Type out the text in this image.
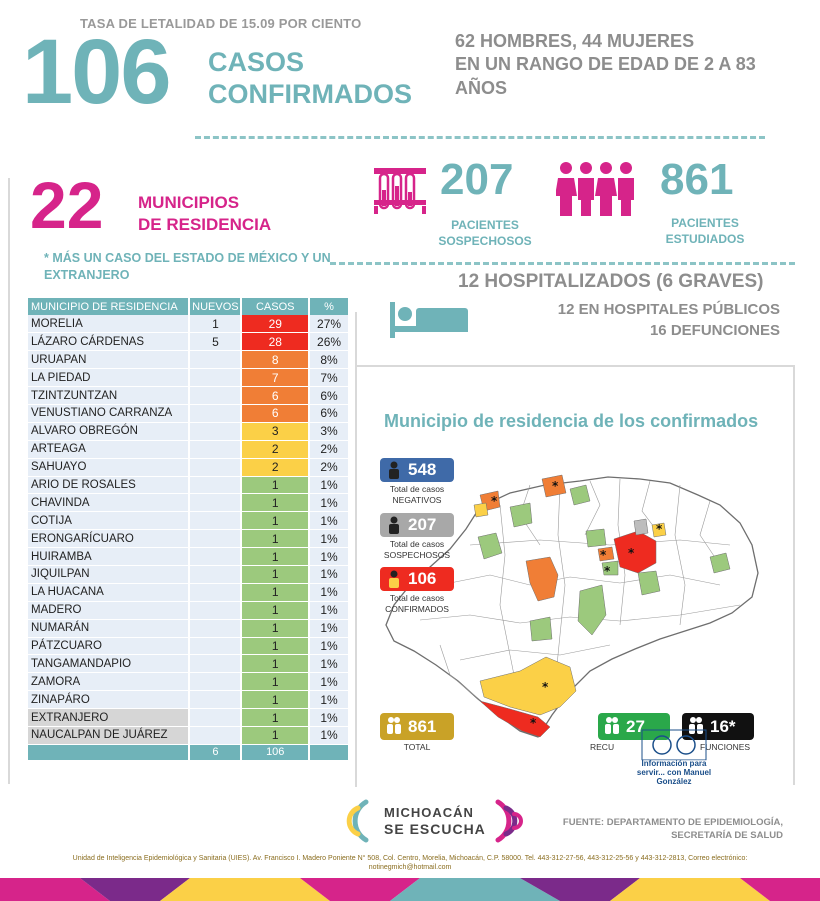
TASA DE LETALIDAD DE 15.09 POR CIENTO
106 CASOS
CONFIRMADOS
62 HOMBRES, 44 MUJERES
EN UN RANGO DE EDAD DE 2 A 83
AÑOS
22 MUNICIPIOS
DE RESIDENCIA
* MÁS UN CASO DEL ESTADO DE MÉXICO Y UN EXTRANJERO
207
PACIENTES
SOSPECHOSOS
861
PACIENTES
ESTUDIADOS
12 HOSPITALIZADOS (6 GRAVES)
12 EN HOSPITALES PÚBLICOS
16 DEFUNCIONES
MUNICIPIO DE RESIDENCIA	NUEVOS	CASOS	%
MORELIA	1	29	27%
LÁZARO CÁRDENAS	5	28	26%
URUAPAN		8	8%
LA PIEDAD		7	7%
TZINTZUNTZAN		6	6%
VENUSTIANO CARRANZA		6	6%
ALVARO OBREGÓN		3	3%
ARTEAGA		2	2%
SAHUAYO		2	2%
ARIO DE ROSALES		1	1%
CHAVINDA		1	1%
COTIJA		1	1%
ERONGARÍCUARO		1	1%
HUIRAMBA		1	1%
JIQUILPAN		1	1%
LA HUACANA		1	1%
MADERO		1	1%
NUMARÁN		1	1%
PÁTZCUARO		1	1%
TANGAMANDAPIO		1	1%
ZAMORA		1	1%
ZINAPÁRO		1	1%
EXTRANJERO		1	1%
NAUCALPAN DE JUÁREZ		1	1%
	6	106	
Municipio de residencia de los confirmados
*
*
*
*
*
*
*
*
548
Total de casos
NEGATIVOS
207
Total de casos
SOSPECHOSOS
106
Total de casos
CONFIRMADOS
861
TOTAL
27
RECU
16*
FUNCIONES
Información para
servir... con Manuel
González
MICHOACÁN
SE ESCUCHA	FUENTE: DEPARTAMENTO DE EPIDEMIOLOGÍA,
SECRETARÍA DE SALUD
Unidad de Inteligencia Epidemiológica y Sanitaria (UIES). Av. Francisco I. Madero Poniente N° 508, Col. Centro, Morelia, Michoacán, C.P. 58000. Tel. 443-312-27-56, 443-312-25-56 y 443-312-2813, Correo electrónico: notinegmich@hotmail.com
